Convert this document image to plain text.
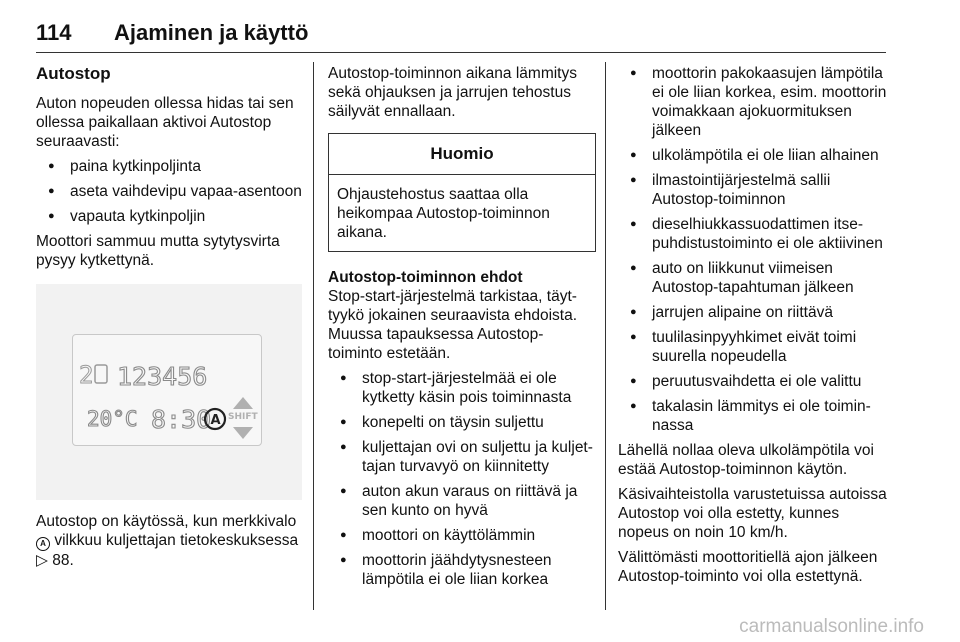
114 Ajaminen ja käyttö
Autostop

Auton nopeuden ollessa hidas tai sen ollessa paikallaan aktivoi Autostop seuraavasti:

● paina kytkinpoljinta
● aseta vaihdevipu vapaa-asentoon
● vapauta kytkinpoljin

Moottori sammuu mutta sytytysvirta pysyy kytkettynä.

2 123456
20°C 8:30 A SHIFT

Autostop on käytössä, kun merkkivalo A vilkkuu kuljettajan tietokeskuksessa ▷ 88.

Autostop-toiminnon aikana lämmitys sekä ohjauksen ja jarrujen tehostus säilyvät ennallaan.

Huomio
Ohjaustehostus saattaa olla heikompaa Autostop-toiminnon aikana.
Autostop-toiminnon ehdot

Stop-start-järjestelmä tarkistaa, täyttyykö jokainen seuraavista ehdoista. Muussa tapauksessa Autostop-toiminto estetään.

● stop-start-järjestelmää ei ole kytketty käsin pois toiminnasta
● konepelti on täysin suljettu
● kuljettajan ovi on suljettu ja kuljettajan turvavyö on kiinnitetty
● auton akun varaus on riittävä ja sen kunto on hyvä
● moottori on käyttölämmin
● moottorin jäähdytysnesteen lämpötila ei ole liian korkea
● moottorin pakokaasujen lämpötila ei ole liian korkea, esim. moottorin voimakkaan ajokuormituksen jälkeen
● ulkolämpötila ei ole liian alhainen
● ilmastointijärjestelmä sallii Autostop-toiminnon
● dieselhiukkassuodattimen itsepuhdistustoiminto ei ole aktiivinen
● auto on liikkunut viimeisen Autostop-tapahtuman jälkeen
● jarrujen alipaine on riittävä
● tuulilasinpyyhkimet eivät toimi suurella nopeudella
● peruutusvaihdetta ei ole valittu
● takalasin lämmitys ei ole toiminnassa

Lähellä nollaa oleva ulkolämpötila voi estää Autostop-toiminnon käytön.

Käsivaihteistolla varustetuissa autoissa Autostop voi olla estetty, kunnes nopeus on noin 10 km/h.

Välittömästi moottoritiellä ajon jälkeen Autostop-toiminto voi olla estettynä.

carmanualsonline.info
